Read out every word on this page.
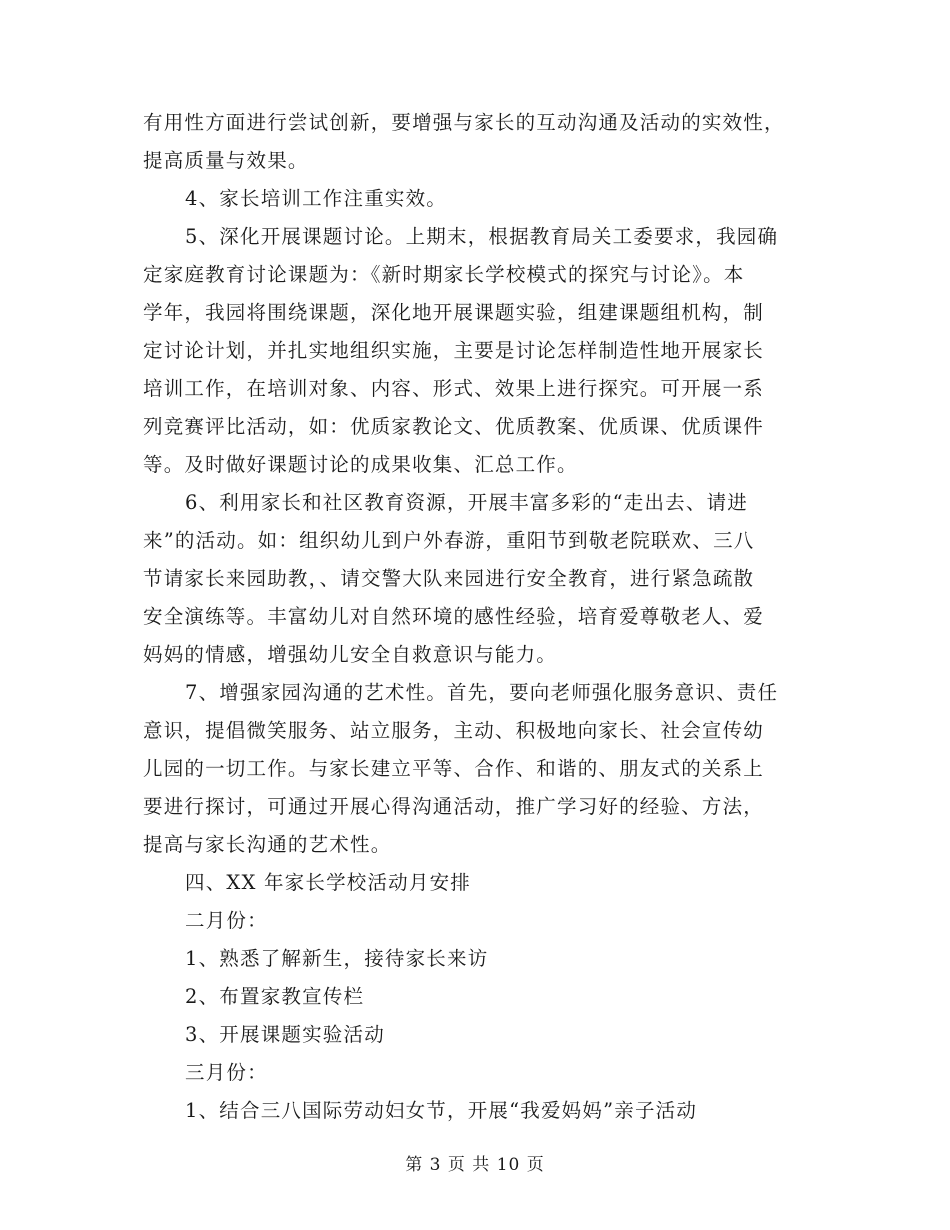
有用性方面进行尝试创新，要增强与家长的互动沟通及活动的实效性，
提高质量与效果。
4、家长培训工作注重实效。
5、深化开展课题讨论。上期末，根据教育局关工委要求，我园确
定家庭教育讨论课题为：《新时期家长学校模式的探究与讨论》。本
学年，我园将围绕课题，深化地开展课题实验，组建课题组机构，制
定讨论计划，并扎实地组织实施，主要是讨论怎样制造性地开展家长
培训工作，在培训对象、内容、形式、效果上进行探究。可开展一系
列竞赛评比活动，如：优质家教论文、优质教案、优质课、优质课件
等。及时做好课题讨论的成果收集、汇总工作。
6、利用家长和社区教育资源，开展丰富多彩的“走出去、请进
来”的活动。如：组织幼儿到户外春游，重阳节到敬老院联欢、三八
节请家长来园助教，、请交警大队来园进行安全教育，进行紧急疏散
安全演练等。丰富幼儿对自然环境的感性经验，培育爱尊敬老人、爱
妈妈的情感，增强幼儿安全自救意识与能力。
7、增强家园沟通的艺术性。首先，要向老师强化服务意识、责任
意识，提倡微笑服务、站立服务，主动、积极地向家长、社会宣传幼
儿园的一切工作。与家长建立平等、合作、和谐的、朋友式的关系上
要进行探讨，可通过开展心得沟通活动，推广学习好的经验、方法，
提高与家长沟通的艺术性。
四、XX 年家长学校活动月安排
二月份：
1、熟悉了解新生，接待家长来访
2、布置家教宣传栏
3、开展课题实验活动
三月份：
1、结合三八国际劳动妇女节，开展“我爱妈妈”亲子活动
第 3 页 共 10 页
